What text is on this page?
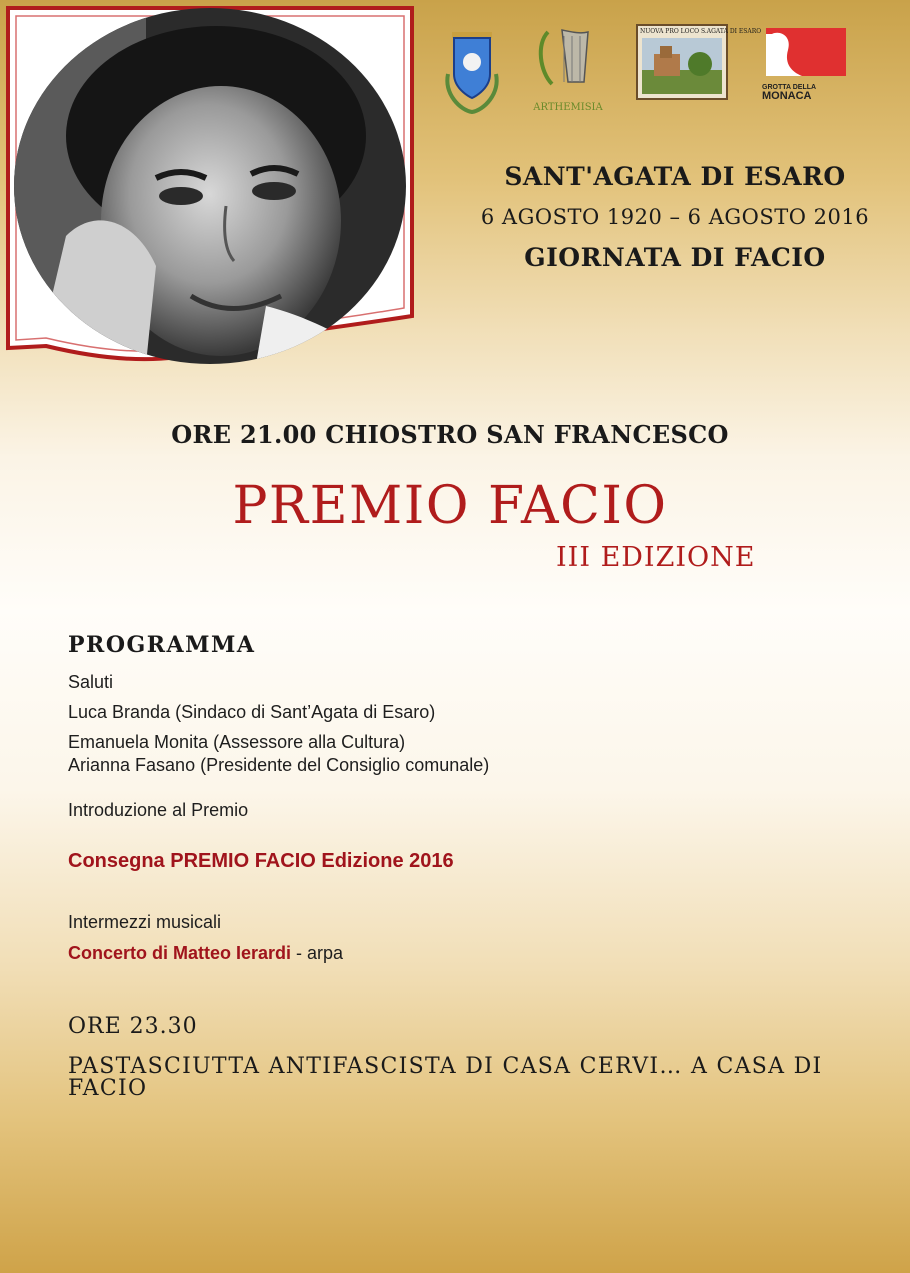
ARTHEMISIA
NUOVA PRO LOCO S.AGATA DI ESARO
GROTTA DELLA
MONACA
SANT'AGATA DI ESARO
6 AGOSTO 1920 – 6 AGOSTO 2016
GIORNATA DI FACIO
ORE 21.00 CHIOSTRO SAN FRANCESCO
PREMIO FACIO
III EDIZIONE
PROGRAMMA
Saluti
Luca Branda (Sindaco di Sant’Agata di Esaro)
Emanuela Monita (Assessore alla Cultura)
Arianna Fasano (Presidente del Consiglio comunale)
Introduzione al Premio
Consegna PREMIO FACIO Edizione 2016
Intermezzi musicali
Concerto di Matteo Ierardi - arpa
ORE 23.30
PASTASCIUTTA ANTIFASCISTA DI CASA CERVI… A CASA DI FACIO
